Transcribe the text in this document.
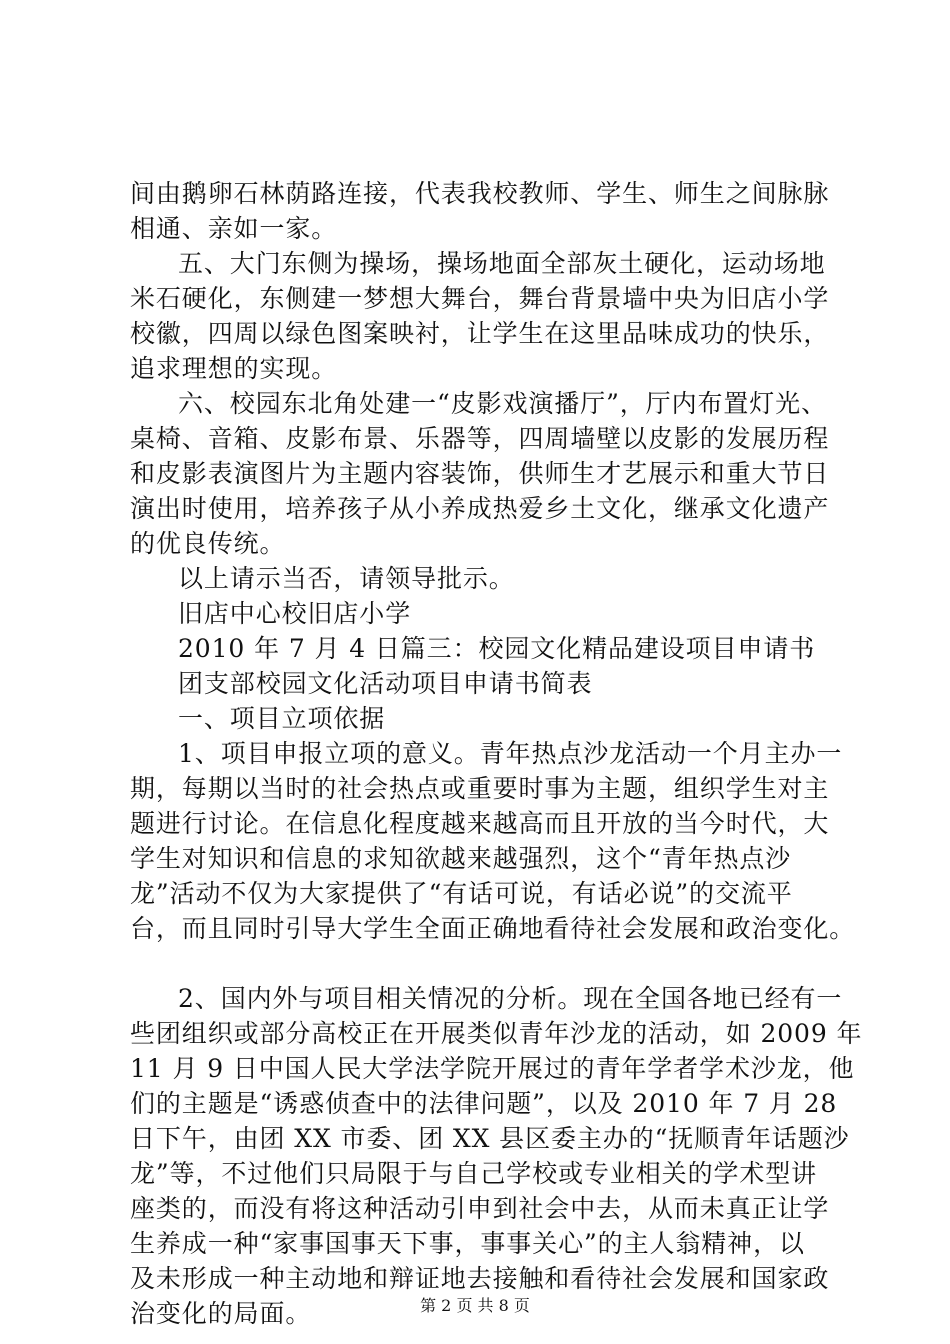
间由鹅卵石林荫路连接，代表我校教师、学生、师生之间脉脉
相通、亲如一家。
五、大门东侧为操场，操场地面全部灰土硬化，运动场地
米石硬化，东侧建一梦想大舞台，舞台背景墙中央为旧店小学
校徽，四周以绿色图案映衬，让学生在这里品味成功的快乐，
追求理想的实现。
六、校园东北角处建一“皮影戏演播厅”，厅内布置灯光、
桌椅、音箱、皮影布景、乐器等，四周墙壁以皮影的发展历程
和皮影表演图片为主题内容装饰，供师生才艺展示和重大节日
演出时使用，培养孩子从小养成热爱乡土文化，继承文化遗产
的优良传统。
以上请示当否，请领导批示。
旧店中心校旧店小学
2010 年 7 月 4 日篇三：校园文化精品建设项目申请书
团支部校园文化活动项目申请书简表
一、项目立项依据
1、项目申报立项的意义。青年热点沙龙活动一个月主办一
期，每期以当时的社会热点或重要时事为主题，组织学生对主
题进行讨论。在信息化程度越来越高而且开放的当今时代，大
学生对知识和信息的求知欲越来越强烈，这个“青年热点沙
龙”活动不仅为大家提供了“有话可说，有话必说”的交流平
台，而且同时引导大学生全面正确地看待社会发展和政治变化。
2、国内外与项目相关情况的分析。现在全国各地已经有一
些团组织或部分高校正在开展类似青年沙龙的活动，如 2009 年
11 月 9 日中国人民大学法学院开展过的青年学者学术沙龙，他
们的主题是“诱惑侦查中的法律问题”，以及 2010 年 7 月 28
日下午，由团 XX 市委、团 XX 县区委主办的“抚顺青年话题沙
龙”等，不过他们只局限于与自己学校或专业相关的学术型讲
座类的，而没有将这种活动引申到社会中去，从而未真正让学
生养成一种“家事国事天下事，事事关心”的主人翁精神，以
及未形成一种主动地和辩证地去接触和看待社会发展和国家政
治变化的局面。	第 2 页 共 8 页
